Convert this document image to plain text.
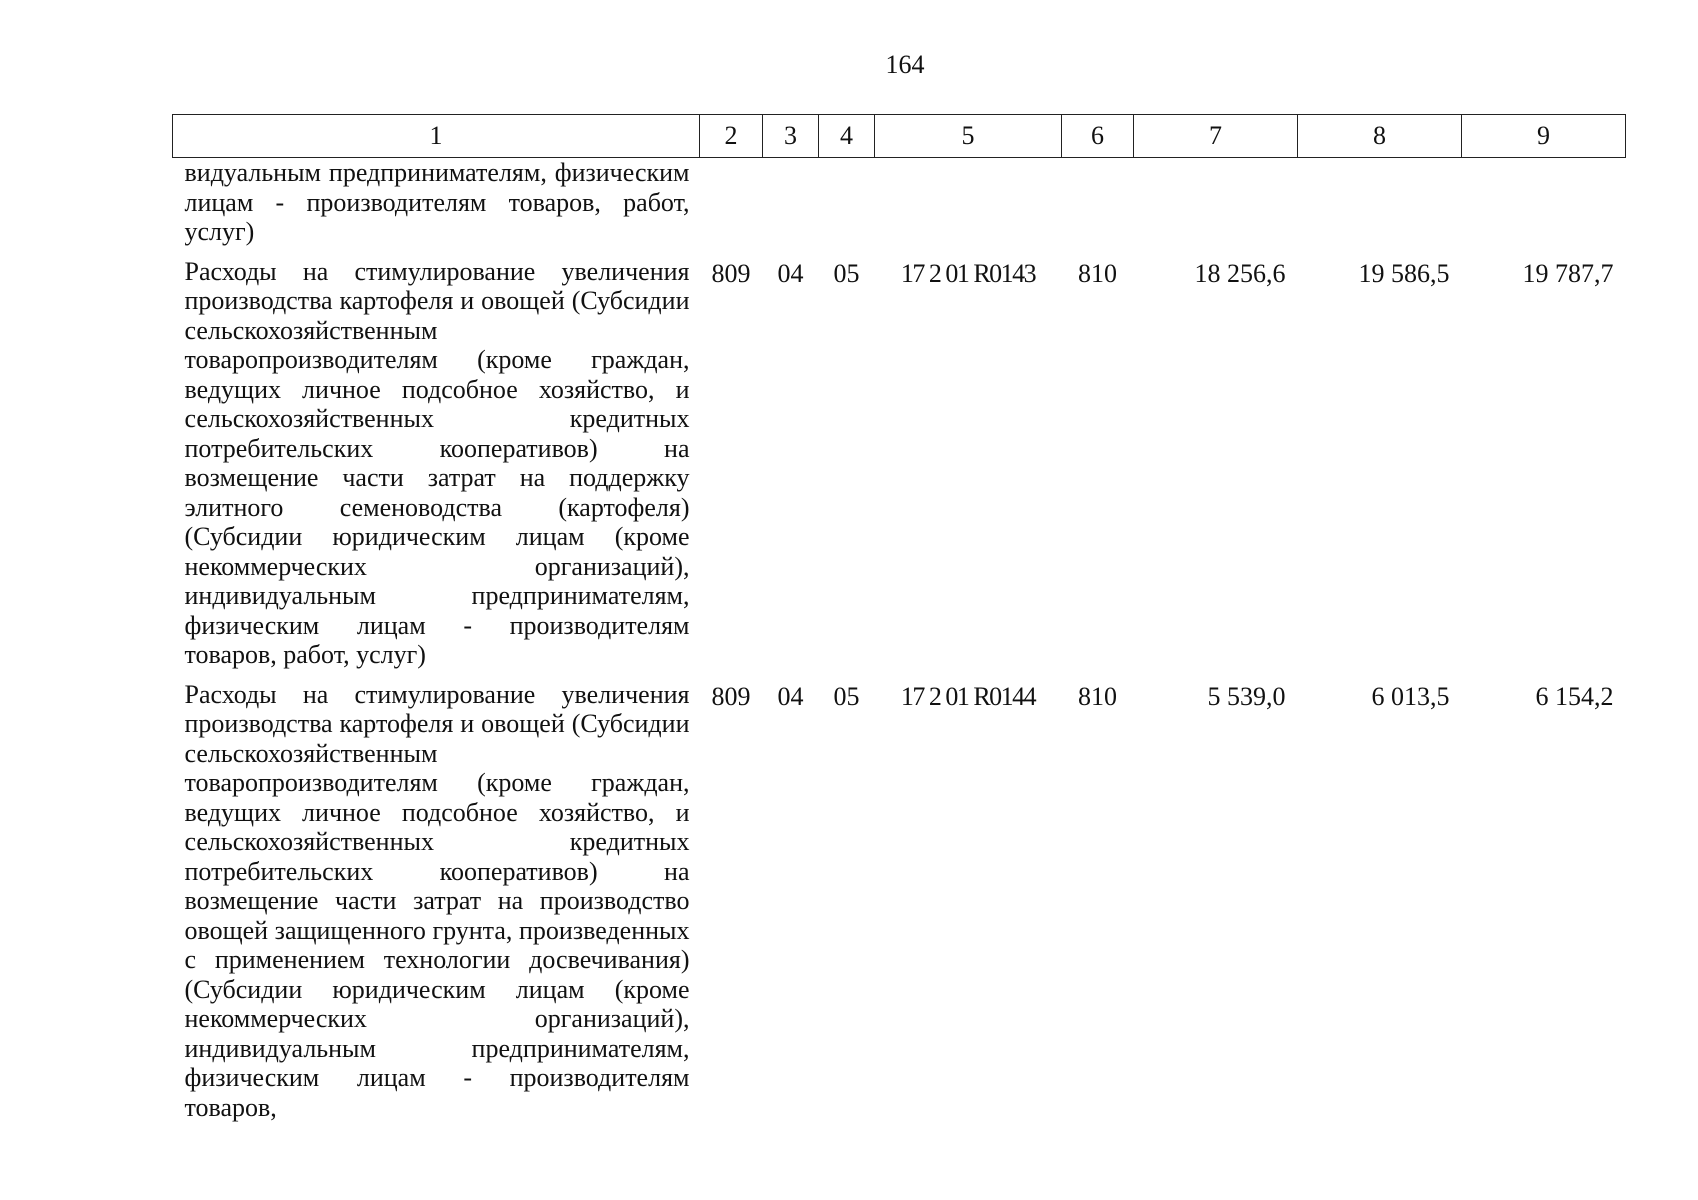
164
1	2	3	4	5	6	7	8	9
видуальным предпринимателям, физическим лицам - производителям товаров, работ, услуг)								
Расходы на стимулирование увеличения производства картофеля и овощей (Субсидии сельскохозяйственным товаропроизводителям (кроме граждан, ведущих личное подсобное хозяйство, и сельскохозяйственных кредитных потребительских кооперативов) на возмещение части затрат на поддержку элитного семеноводства (картофеля) (Субсидии юридическим лицам (кроме некоммерческих организаций), индивидуальным предпринимателям, физическим лицам - производителям товаров, работ, услуг)	809	04	05	17 2 01 R0143	810	18 256,6	19 586,5	19 787,7
Расходы на стимулирование увеличения производства картофеля и овощей (Субсидии сельскохозяйственным товаропроизводителям (кроме граждан, ведущих личное подсобное хозяйство, и сельскохозяйственных кредитных потребительских кооперативов) на возмещение части затрат на производство овощей защищенного грунта, произведенных с применением технологии досвечивания) (Субсидии юридическим лицам (кроме некоммерческих организаций), индивидуальным предпринимателям, физическим лицам - производителям товаров,	809	04	05	17 2 01 R0144	810	5 539,0	6 013,5	6 154,2
